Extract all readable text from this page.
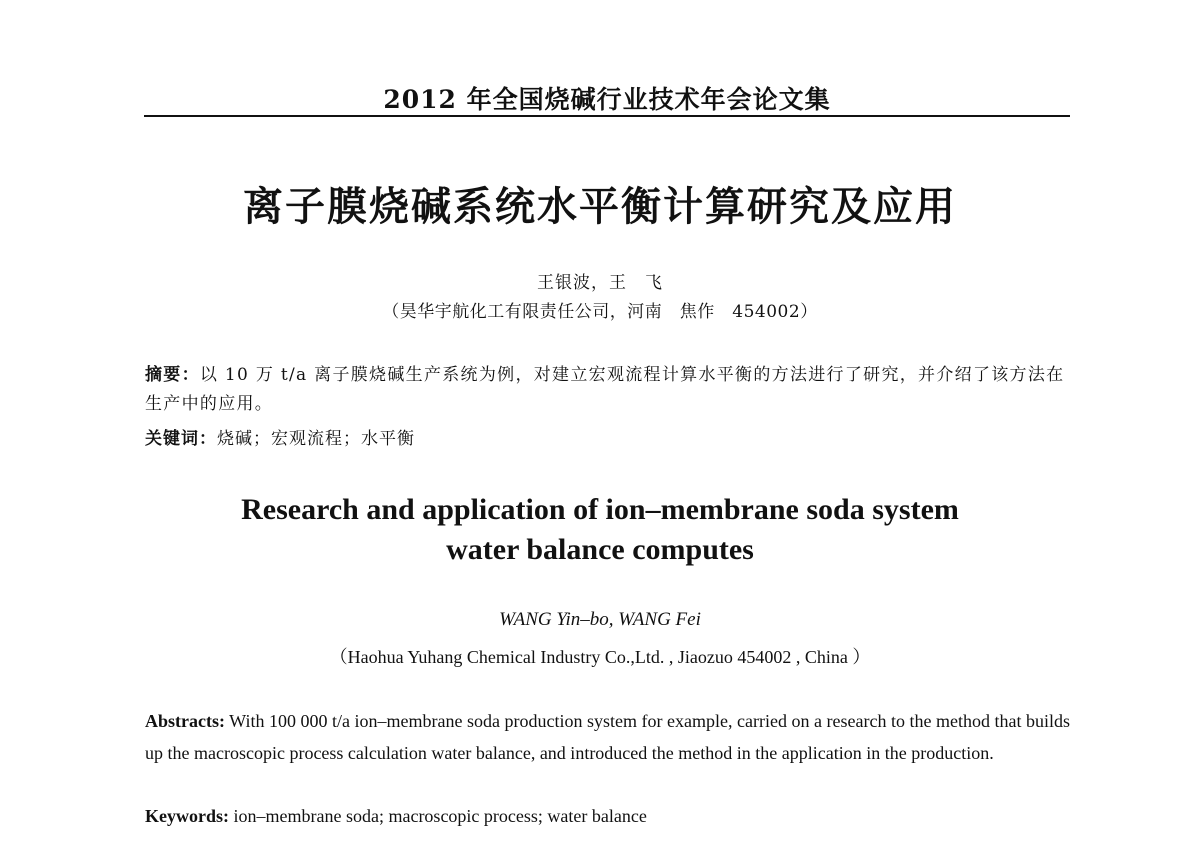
2012 年全国烧碱行业技术年会论文集
离子膜烧碱系统水平衡计算研究及应用
王银波，王　飞
（昊华宇航化工有限责任公司，河南　焦作　454002）
摘要：以 10 万 t/a 离子膜烧碱生产系统为例，对建立宏观流程计算水平衡的方法进行了研究，并介绍了该方法在生产中的应用。
关键词：烧碱；宏观流程；水平衡
Research and application of ion–membrane soda system
water balance computes
WANG Yin–bo, WANG Fei
（Haohua Yuhang Chemical Industry Co.,Ltd. , Jiaozuo 454002 , China ）
Abstracts: With 100 000 t/a ion–membrane soda production system for example, carried on a research to the method that builds up the macroscopic process calculation water balance, and introduced the method in the application in the production.
Keywords: ion–membrane soda; macroscopic process; water balance
